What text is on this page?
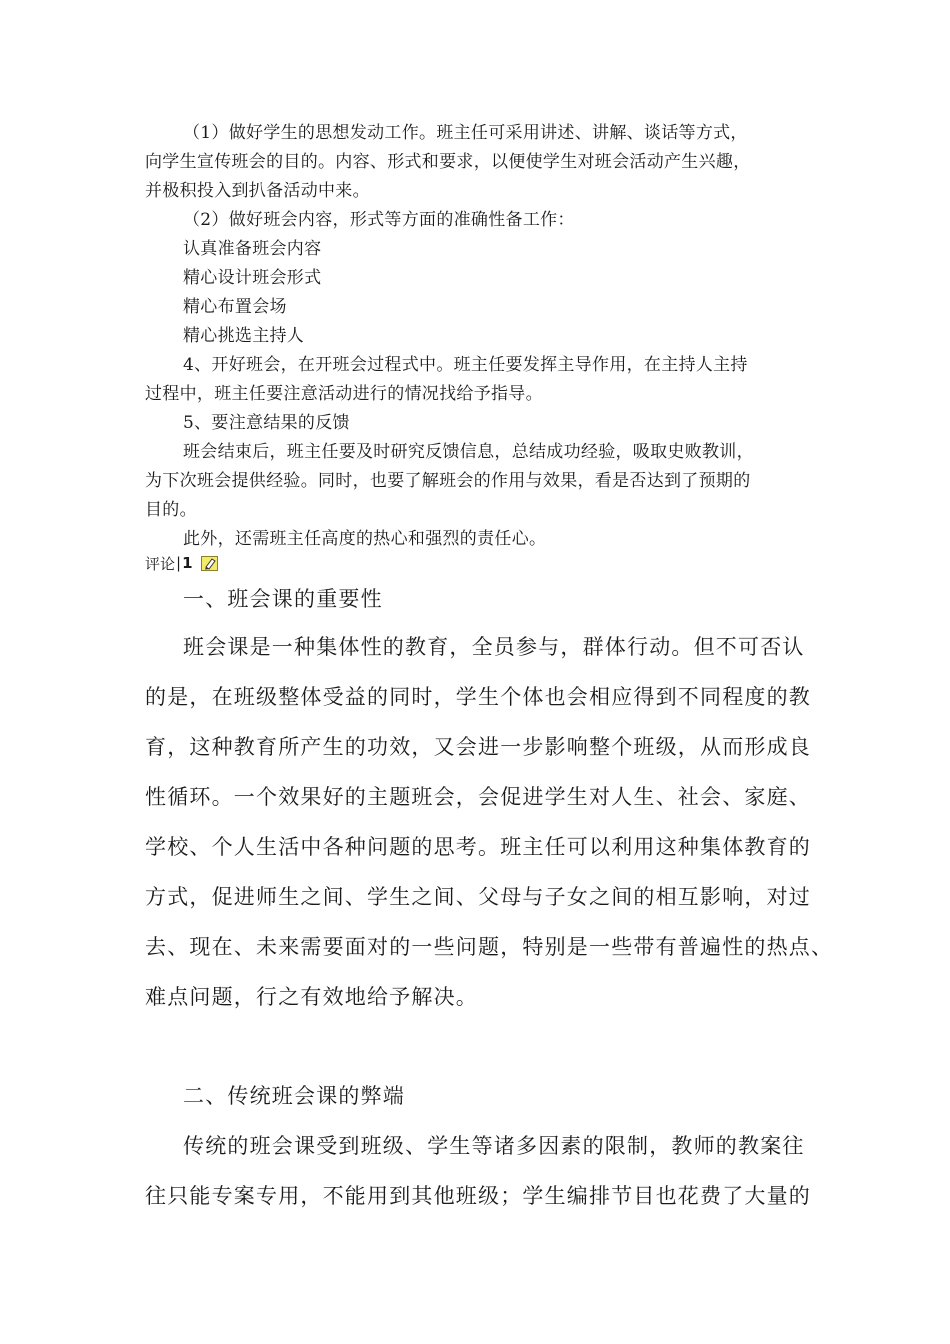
（1）做好学生的思想发动工作。班主任可采用讲述、讲解、谈话等方式，

向学生宣传班会的目的。内容、形式和要求，以便使学生对班会活动产生兴趣，

并极积投入到扒备活动中来。

（2）做好班会内容，形式等方面的准确性备工作：

认真准备班会内容

精心设计班会形式

精心布置会场

精心挑选主持人

4、开好班会，在开班会过程式中。班主任要发挥主导作用，在主持人主持

过程中，班主任要注意活动进行的情况找给予指导。

5、要注意结果的反馈

班会结束后，班主任要及时研究反馈信息，总结成功经验，吸取史败教训，

为下次班会提供经验。同时，也要了解班会的作用与效果，看是否达到了预期的

目的。

此外，还需班主任高度的热心和强烈的责任心。

评论 | 1

一、班会课的重要性

班会课是一种集体性的教育，全员参与，群体行动。但不可否认

的是，在班级整体受益的同时，学生个体也会相应得到不同程度的教

育，这种教育所产生的功效，又会进一步影响整个班级，从而形成良

性循环。一个效果好的主题班会，会促进学生对人生、社会、家庭、

学校、个人生活中各种问题的思考。班主任可以利用这种集体教育的

方式，促进师生之间、学生之间、父母与子女之间的相互影响，对过

去、现在、未来需要面对的一些问题，特别是一些带有普遍性的热点、

难点问题，行之有效地给予解决。

二、传统班会课的弊端

传统的班会课受到班级、学生等诸多因素的限制，教师的教案往

往只能专案专用，不能用到其他班级；学生编排节目也花费了大量的
